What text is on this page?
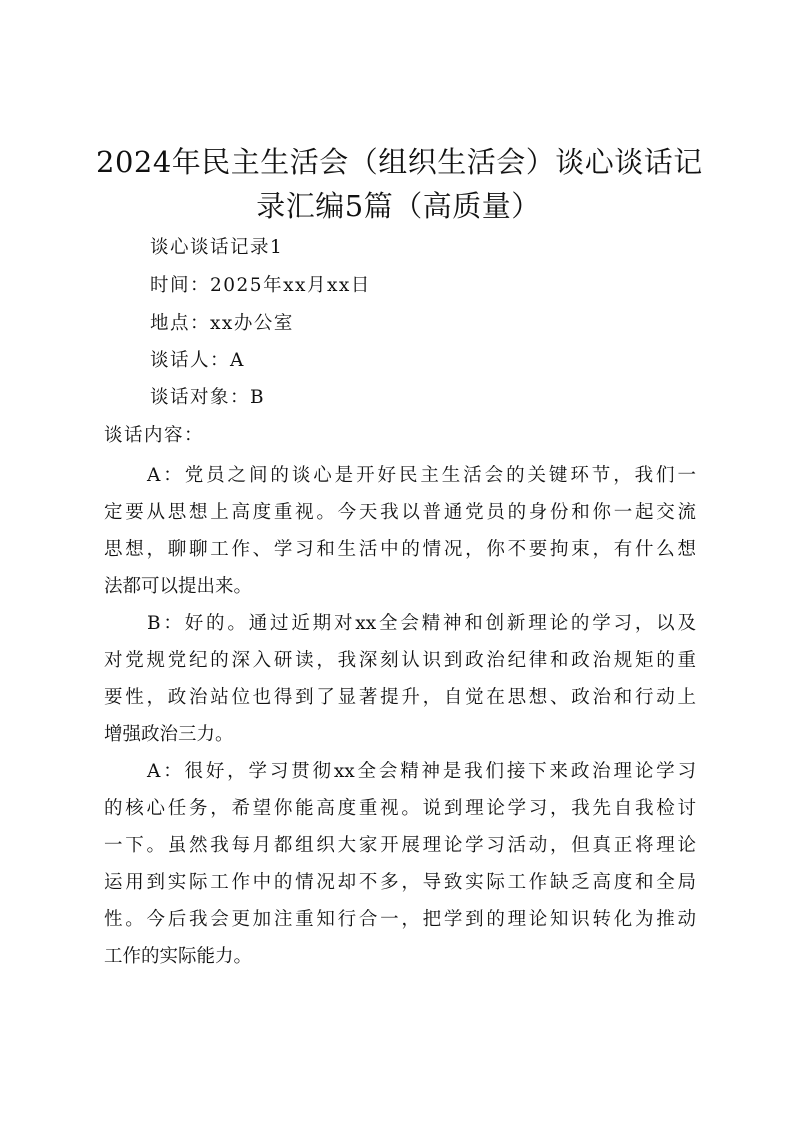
2024年民主生活会（组织生活会）谈心谈话记
录汇编5篇（高质量）

谈心谈话记录1

时间：2025年xx月xx日

地点：xx办公室

谈话人：A

谈话对象：B

谈话内容：

A：党员之间的谈心是开好民主生活会的关键环节，我们一
定要从思想上高度重视。今天我以普通党员的身份和你一起交流
思想，聊聊工作、学习和生活中的情况，你不要拘束，有什么想
法都可以提出来。
B：好的。通过近期对xx全会精神和创新理论的学习，以及
对党规党纪的深入研读，我深刻认识到政治纪律和政治规矩的重
要性，政治站位也得到了显著提升，自觉在思想、政治和行动上
增强政治三力。
A：很好，学习贯彻xx全会精神是我们接下来政治理论学习
的核心任务，希望你能高度重视。说到理论学习，我先自我检讨
一下。虽然我每月都组织大家开展理论学习活动，但真正将理论
运用到实际工作中的情况却不多，导致实际工作缺乏高度和全局
性。今后我会更加注重知行合一，把学到的理论知识转化为推动
工作的实际能力。
